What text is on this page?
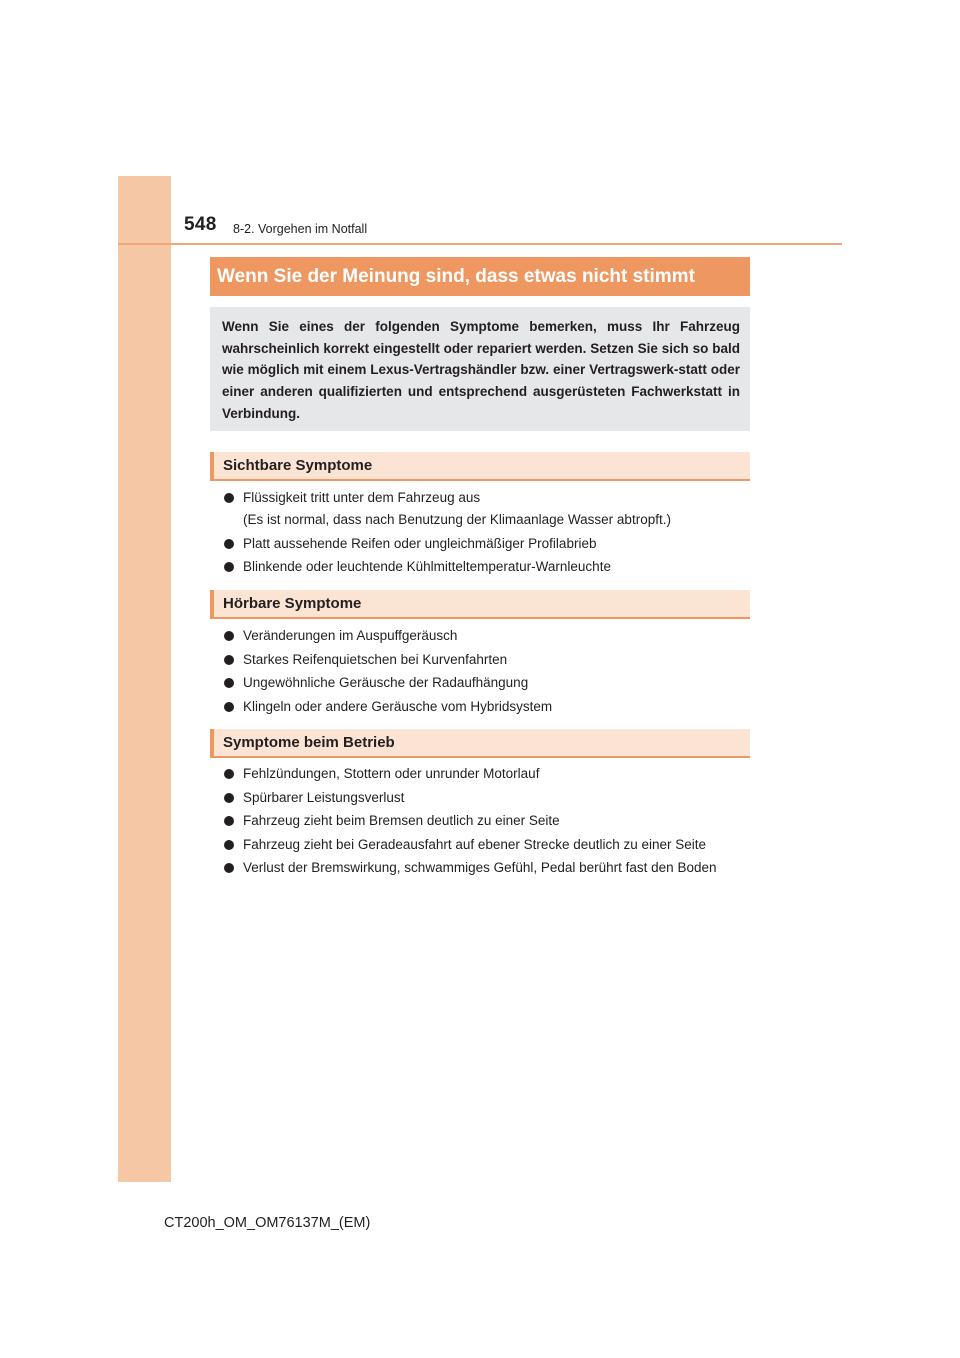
548 8-2. Vorgehen im Notfall
Wenn Sie der Meinung sind, dass etwas nicht stimmt

Wenn Sie eines der folgenden Symptome bemerken, muss Ihr Fahrzeug wahrscheinlich korrekt eingestellt oder repariert werden. Setzen Sie sich so bald wie möglich mit einem Lexus-Vertragshändler bzw. einer Vertragswerk-statt oder einer anderen qualifizierten und entsprechend ausgerüsteten Fachwerkstatt in Verbindung.

Sichtbare Symptome
Flüssigkeit tritt unter dem Fahrzeug aus
(Es ist normal, dass nach Benutzung der Klimaanlage Wasser abtropft.)
Platt aussehende Reifen oder ungleichmäßiger Profilabrieb
Blinkende oder leuchtende Kühlmitteltemperatur-Warnleuchte
Hörbare Symptome
Veränderungen im Auspuffgeräusch
Starkes Reifenquietschen bei Kurvenfahrten
Ungewöhnliche Geräusche der Radaufhängung
Klingeln oder andere Geräusche vom Hybridsystem
Symptome beim Betrieb
Fehlzündungen, Stottern oder unrunder Motorlauf
Spürbarer Leistungsverlust
Fahrzeug zieht beim Bremsen deutlich zu einer Seite
Fahrzeug zieht bei Geradeausfahrt auf ebener Strecke deutlich zu einer Seite
Verlust der Bremswirkung, schwammiges Gefühl, Pedal berührt fast den Boden
CT200h_OM_OM76137M_(EM)
